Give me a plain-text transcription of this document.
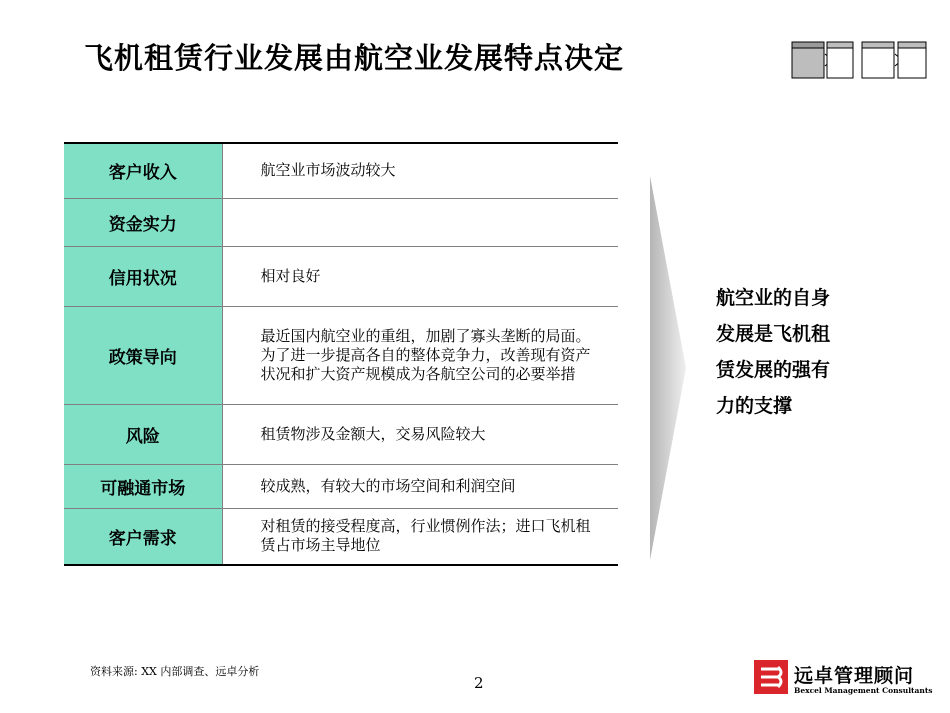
飞机租赁行业发展由航空业发展特点决定
客户收入	航空业市场波动较大
资金实力	
信用状况	相对良好
政策导向	最近国内航空业的重组，加剧了寡头垄断的局面。为了进一步提高各自的整体竞争力，改善现有资产状况和扩大资产规模成为各航空公司的必要举措
风险	租赁物涉及金额大，交易风险较大
可融通市场	较成熟，有较大的市场空间和利润空间
客户需求	对租赁的接受程度高，行业惯例作法；进口飞机租赁占市场主导地位
航空业的自身发展是飞机租赁发展的强有力的支撑
资料来源: XX 内部调查、远卓分析
2	远卓管理顾问
Bexcel Management Consultants
